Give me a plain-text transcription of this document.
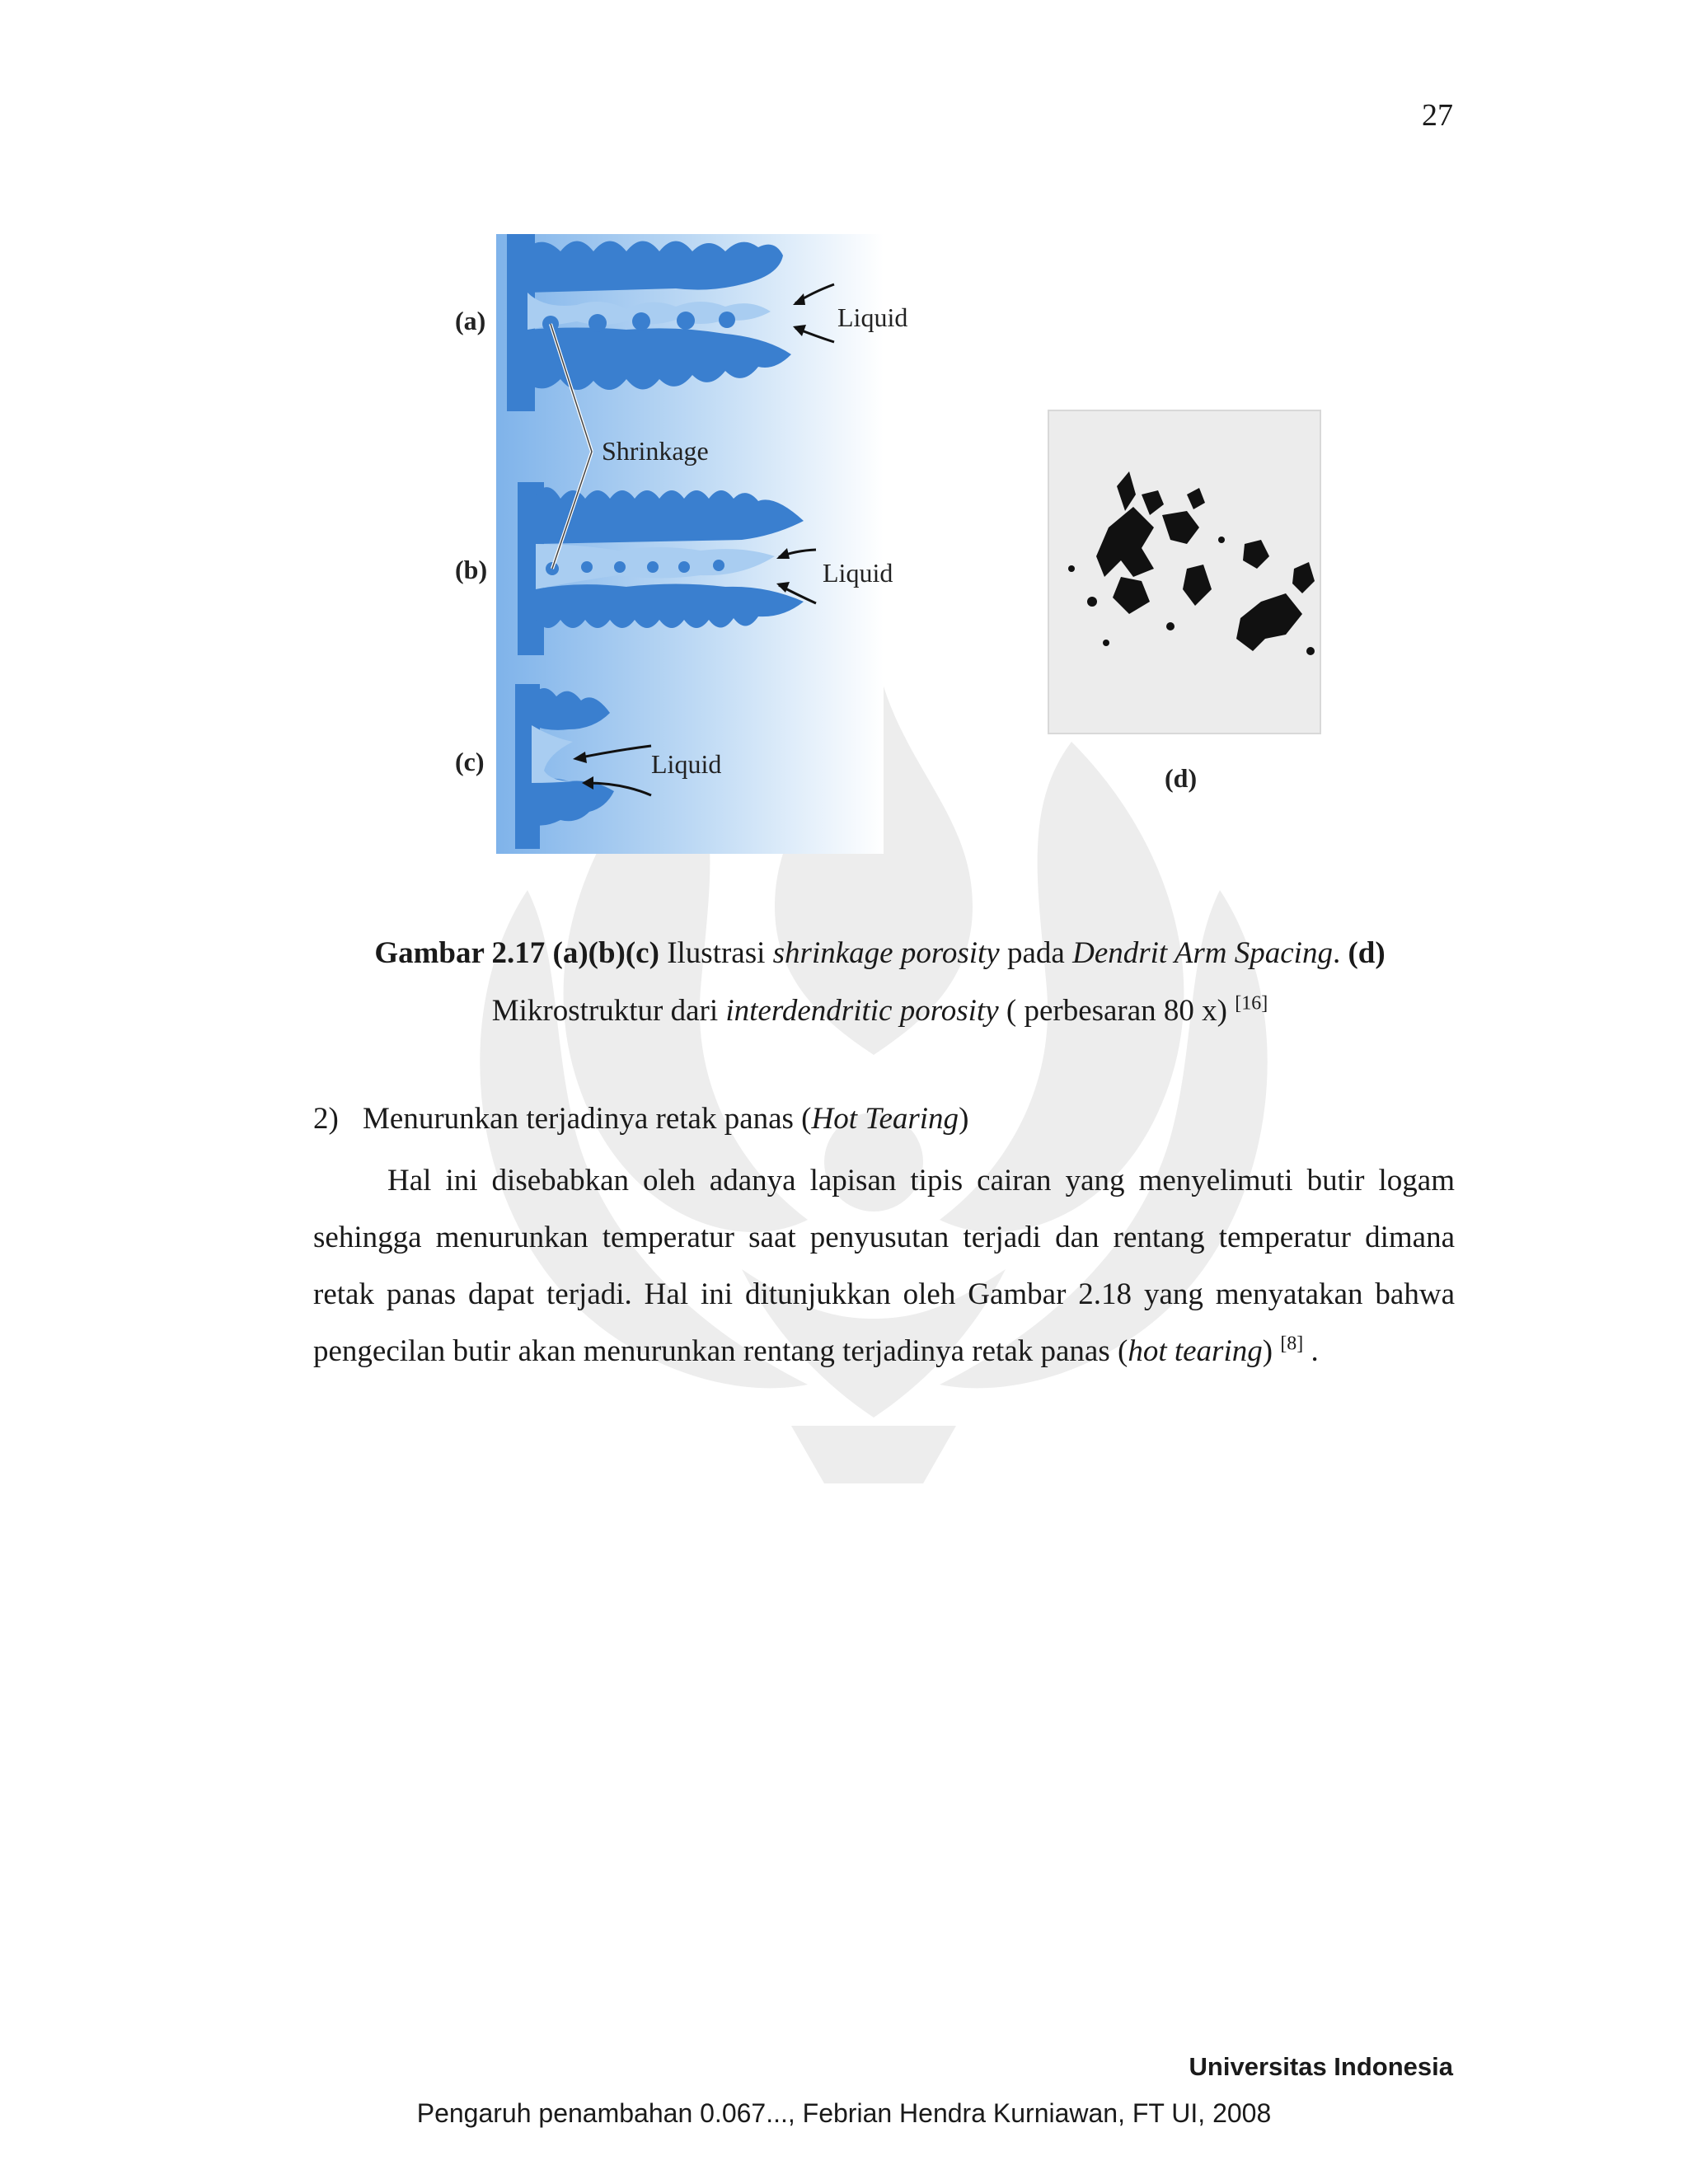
27
(a)
(b)
(c)
(d)
Liquid
Liquid
Liquid
Shrinkage
Gambar 2.17 (a)(b)(c) Ilustrasi shrinkage porosity pada Dendrit Arm Spacing. (d)
Mikrostruktur dari interdendritic porosity ( perbesaran 80 x) [16]
2) Menurunkan terjadinya retak panas (Hot Tearing)
Hal ini disebabkan oleh adanya lapisan tipis cairan yang menyelimuti butir logam sehingga menurunkan temperatur saat penyusutan terjadi dan rentang temperatur dimana retak panas dapat terjadi. Hal ini ditunjukkan oleh Gambar 2.18 yang menyatakan bahwa pengecilan butir akan menurunkan rentang terjadinya retak panas (hot tearing) [8] .
Universitas Indonesia
Pengaruh penambahan 0.067..., Febrian Hendra Kurniawan, FT UI, 2008
